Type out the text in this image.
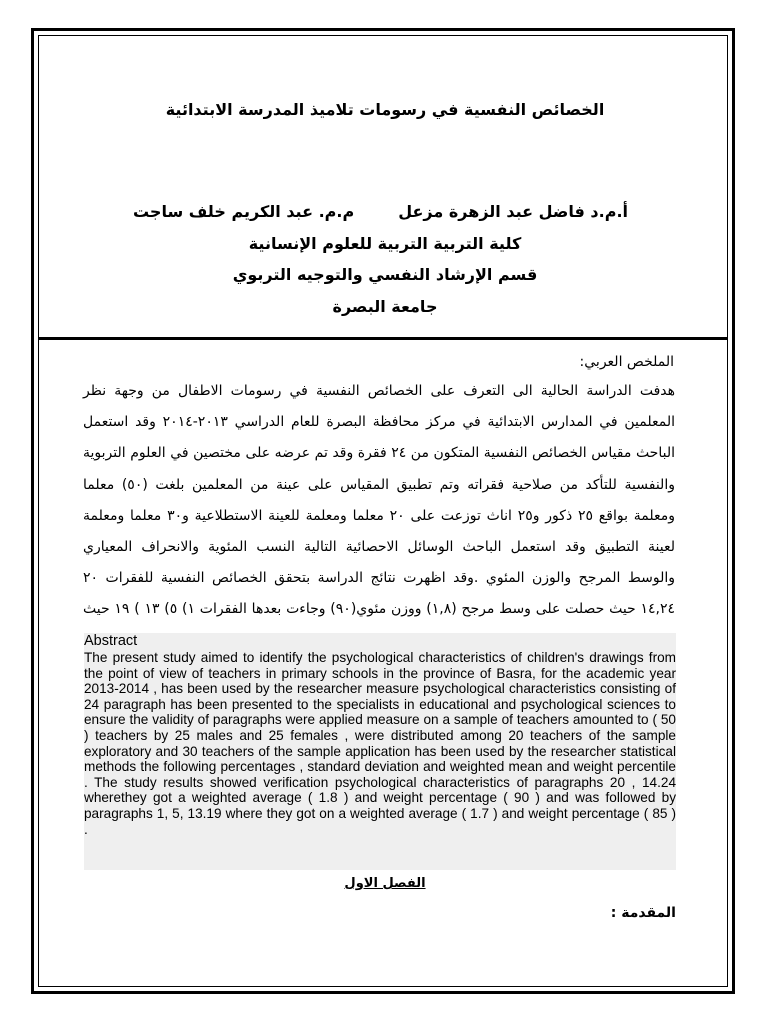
الخصائص النفسية في رسومات تلاميذ المدرسة الابتدائية
أ.م.د فاضل عبد الزهرة مزعلم.م. عبد الكريم خلف ساجت
كلية التربية التربية للعلوم الإنسانية
قسم الإرشاد النفسي والتوجيه التربوي
جامعة البصرة
الملخص العربي:
هدفت الدراسة الحالية الى التعرف على الخصائص النفسية في رسومات الاطفال من وجهة نظر المعلمين في المدارس الابتدائية في مركز محافظة البصرة للعام الدراسي ٢٠١٣-٢٠١٤ وقد استعمل الباحث مقياس الخصائص النفسية المتكون من ٢٤ فقرة وقد تم عرضه على مختصين في العلوم التربوية والنفسية للتأكد من صلاحية فقراته وتم تطبيق المقياس على عينة من المعلمين بلغت (٥٠) معلما ومعلمة بواقع ٢٥ ذكور و٢٥ اناث توزعت على ٢٠ معلما ومعلمة للعينة الاستطلاعية و٣٠ معلما ومعلمة لعينة التطبيق وقد استعمل الباحث الوسائل الاحصائية التالية النسب المئوية والانحراف المعياري والوسط المرجح والوزن المئوي .وقد اظهرت نتائج الدراسة بتحقق الخصائص النفسية للفقرات ٢٠ ١٤,٢٤ حيث حصلت على وسط مرجح (١,٨) ووزن مئوي(٩٠) وجاءت بعدها الفقرات ١) ٥) ١٣ ) ١٩ حيث
Abstract
The present study aimed to identify the psychological characteristics of children's drawings from the point of view of teachers in primary schools in the province of Basra, for the academic year 2013-2014 , has been used by the researcher measure psychological characteristics consisting of 24 paragraph has been presented to the specialists in educational and psychological sciences to ensure the validity of paragraphs were applied measure on a sample of teachers amounted to ( 50 ) teachers by 25 males and 25 females , were distributed among 20 teachers of the sample exploratory and 30 teachers of the sample application has been used by the researcher statistical methods the following percentages , standard deviation and weighted mean and weight percentile . The study results showed verification psychological characteristics of paragraphs 20 , 14.24 wherethey got a weighted average ( 1.8 ) and weight percentage ( 90 ) and was followed by paragraphs 1, 5, 13.19 where they got on a weighted average ( 1.7 ) and weight percentage ( 85 ) .
الفصل الاول
المقدمة :
